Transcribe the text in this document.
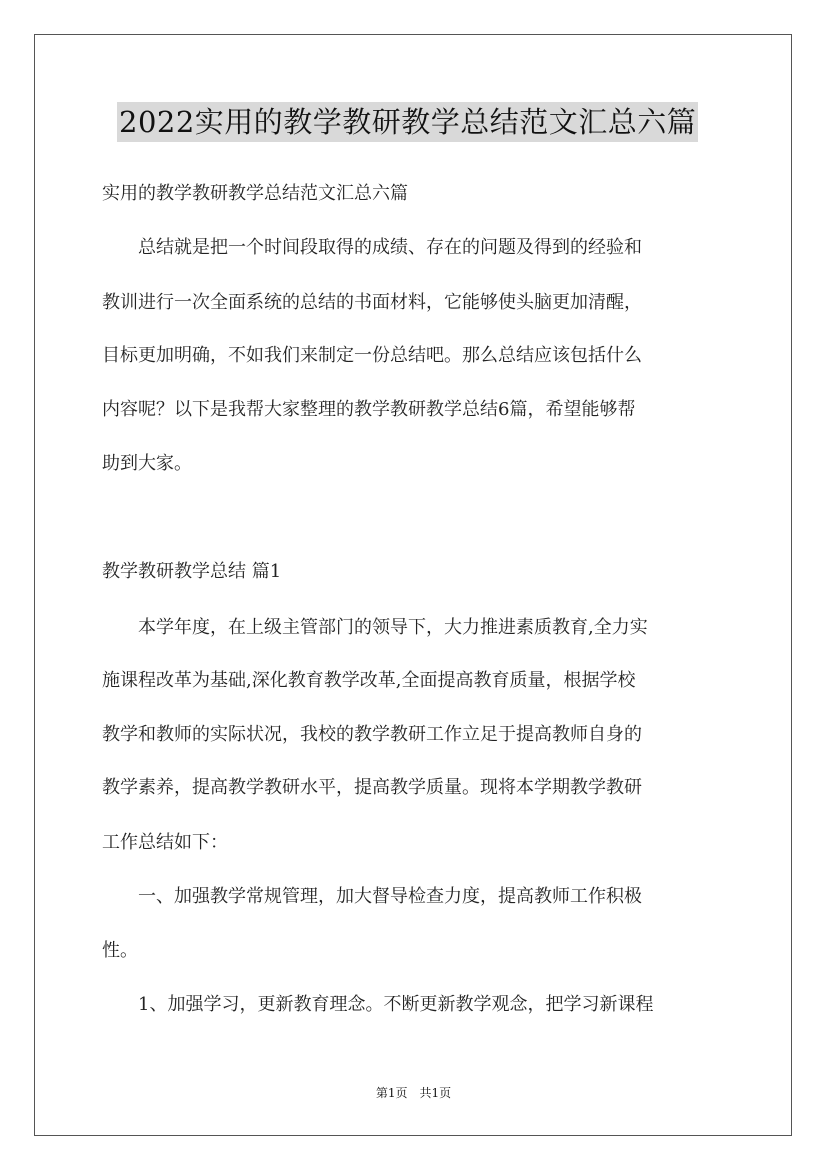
2022实用的教学教研教学总结范文汇总六篇
实用的教学教研教学总结范文汇总六篇
　　总结就是把一个时间段取得的成绩、存在的问题及得到的经验和
教训进行一次全面系统的总结的书面材料，它能够使头脑更加清醒，
目标更加明确，不如我们来制定一份总结吧。那么总结应该包括什么
内容呢？以下是我帮大家整理的教学教研教学总结6篇，希望能够帮
助到大家。
教学教研教学总结 篇1
　　本学年度，在上级主管部门的领导下，大力推进素质教育,全力实
施课程改革为基础,深化教育教学改革,全面提高教育质量，根据学校
教学和教师的实际状况，我校的教学教研工作立足于提高教师自身的
教学素养，提高教学教研水平，提高教学质量。现将本学期教学教研
工作总结如下：
　　一、加强教学常规管理，加大督导检查力度，提高教师工作积极
性。
　　1、加强学习，更新教育理念。不断更新教学观念，把学习新课程
第1页　共1页
